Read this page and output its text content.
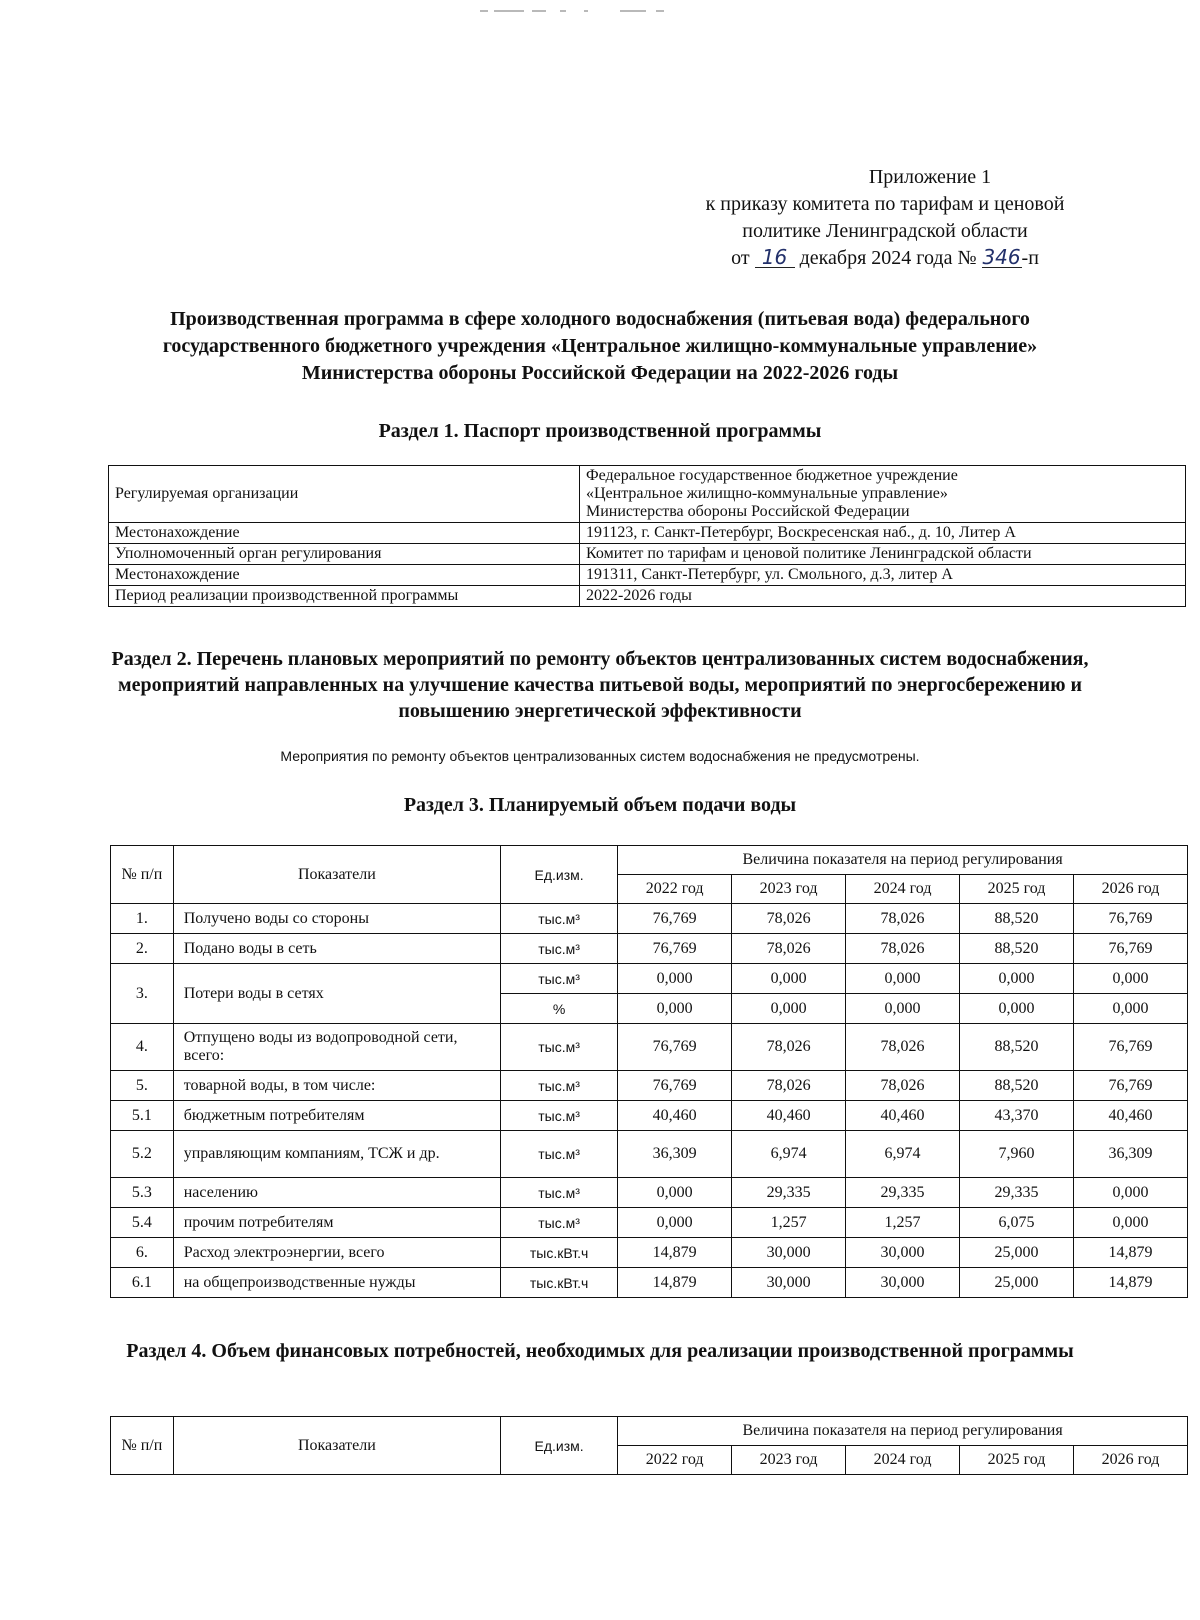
Приложение 1
к приказу комитета по тарифам и ценовой
политике Ленинградской области
от 16 декабря 2024 года № 346-п
Производственная программа в сфере холодного водоснабжения (питьевая вода) федерального государственного бюджетного учреждения «Центральное жилищно-коммунальные управление» Министерства обороны Российской Федерации на 2022-2026 годы
Раздел 1. Паспорт производственной программы
Регулируемая организации	Федеральное государственное бюджетное учреждение
«Центральное жилищно-коммунальные управление»
Министерства обороны Российской Федерации

Местонахождение	191123, г. Санкт-Петербург, Воскресенская наб., д. 10, Литер А
Уполномоченный орган регулирования	Комитет по тарифам и ценовой политике Ленинградской области
Местонахождение	191311, Санкт-Петербург, ул. Смольного, д.3, литер А
Период реализации производственной программы	2022-2026 годы
Раздел 2. Перечень плановых мероприятий по ремонту объектов централизованных систем водоснабжения, мероприятий направленных на улучшение качества питьевой воды, мероприятий по энергосбережению и повышению энергетической эффективности
Мероприятия по ремонту объектов централизованных систем водоснабжения не предусмотрены.
Раздел 3. Планируемый объем подачи воды
№ п/п	Показатели	Ед.изм.	Величина показателя на период регулирования				
			2022 год	2023 год	2024 год	2025 год	2026 год
1.	Получено воды со стороны	тыс.м³	76,769	78,026	78,026	88,520	76,769
2.	Подано воды в сеть	тыс.м³	76,769	78,026	78,026	88,520	76,769
3.	Потери воды в сетях	тыс.м³	0,000	0,000	0,000	0,000	0,000
		%	0,000	0,000	0,000	0,000	0,000
4.	Отпущено воды из водопроводной сети, всего:	тыс.м³	76,769	78,026	78,026	88,520	76,769
5.	товарной воды, в том числе:	тыс.м³	76,769	78,026	78,026	88,520	76,769
5.1	бюджетным потребителям	тыс.м³	40,460	40,460	40,460	43,370	40,460
5.2	управляющим компаниям, ТСЖ и др.	тыс.м³	36,309	6,974	6,974	7,960	36,309
5.3	населению	тыс.м³	0,000	29,335	29,335	29,335	0,000
5.4	прочим потребителям	тыс.м³	0,000	1,257	1,257	6,075	0,000
6.	Расход электроэнергии, всего	тыс.кВт.ч	14,879	30,000	30,000	25,000	14,879
6.1	на общепроизводственные нужды	тыс.кВт.ч	14,879	30,000	30,000	25,000	14,879
Раздел 4. Объем финансовых потребностей, необходимых для реализации производственной программы
№ п/п	Показатели	Ед.изм.	Величина показателя на период регулирования				
			2022 год	2023 год	2024 год	2025 год	2026 год
